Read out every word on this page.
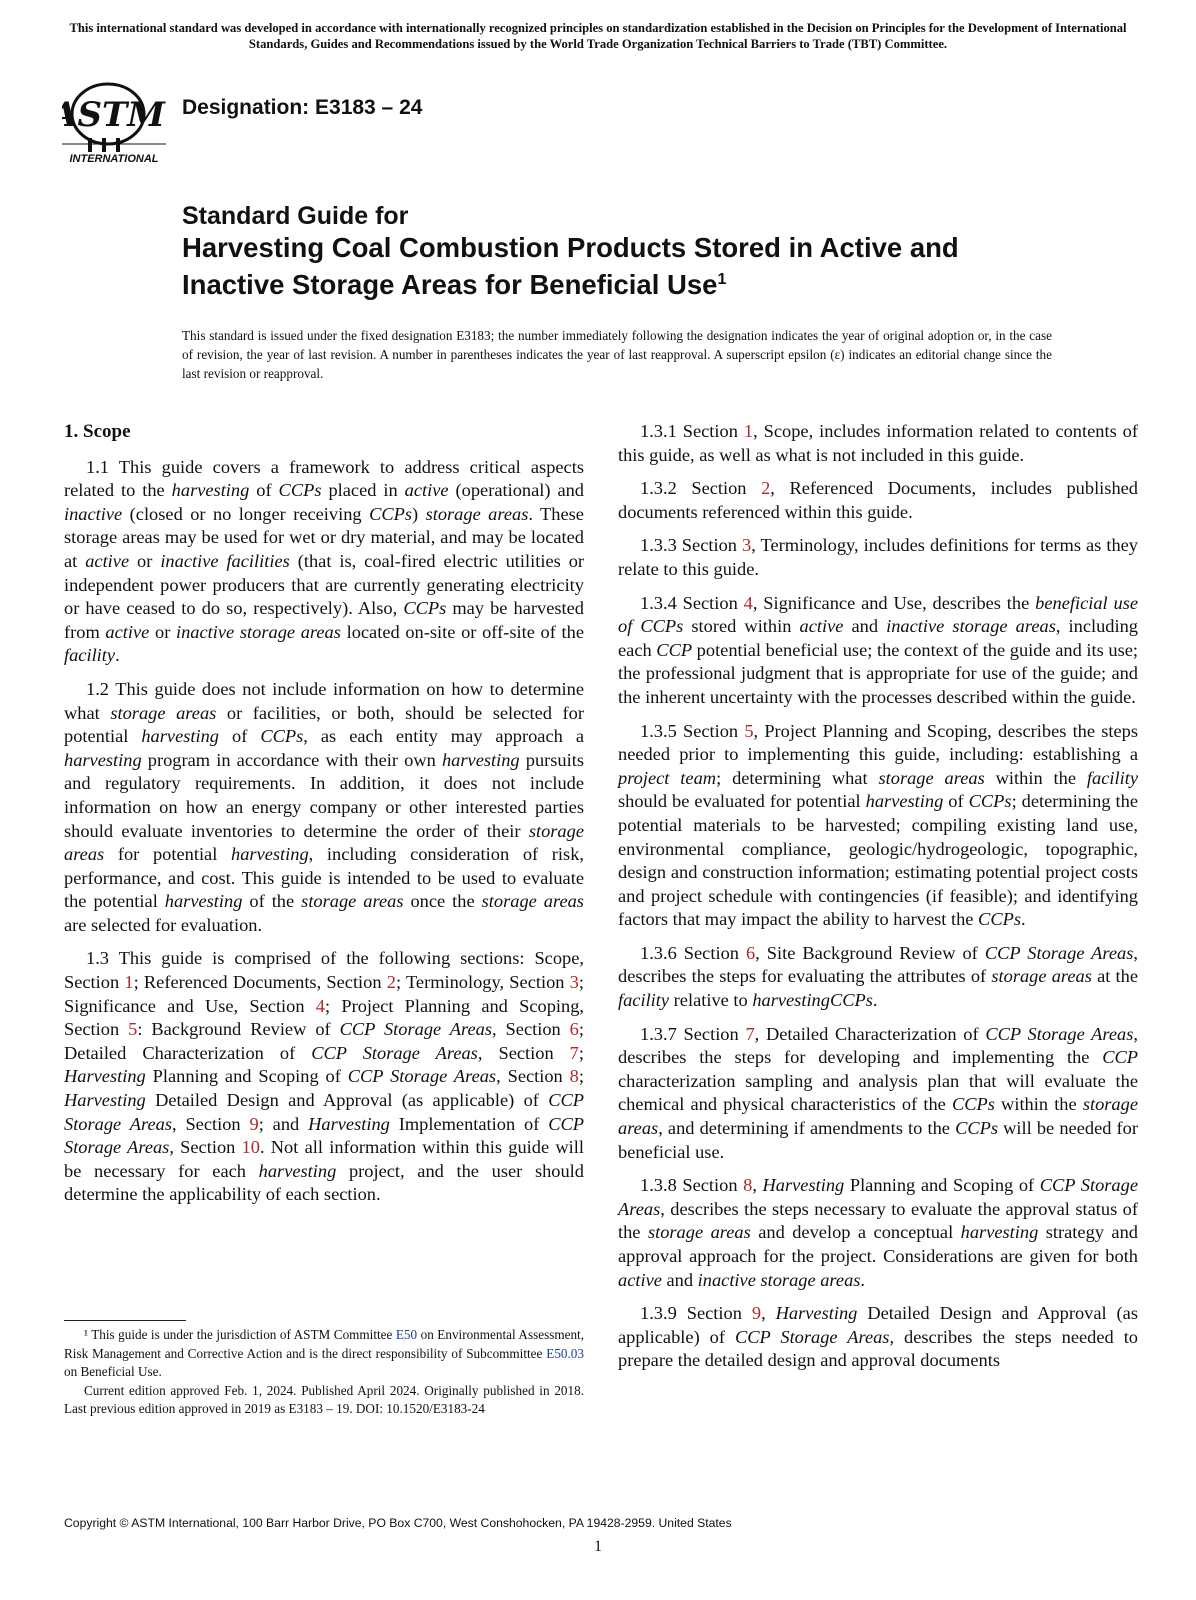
This international standard was developed in accordance with internationally recognized principles on standardization established in the Decision on Principles for the Development of International Standards, Guides and Recommendations issued by the World Trade Organization Technical Barriers to Trade (TBT) Committee.
ASTM
INTERNATIONAL
Designation: E3183 – 24
Standard Guide for
Harvesting Coal Combustion Products Stored in Active and
Inactive Storage Areas for Beneficial Use$^1$
This standard is issued under the fixed designation E3183; the number immediately following the designation indicates the year of original adoption or, in the case of revision, the year of last revision. A number in parentheses indicates the year of last reapproval. A superscript epsilon (ε) indicates an editorial change since the last revision or reapproval.
1. Scope

1.1 This guide covers a framework to address critical aspects related to the harvesting of CCPs placed in active (operational) and inactive (closed or no longer receiving CCPs) storage areas. These storage areas may be used for wet or dry material, and may be located at active or inactive facilities (that is, coal-fired electric utilities or independent power producers that are currently generating electricity or have ceased to do so, respectively). Also, CCPs may be harvested from active or inactive storage areas located on-site or off-site of the facility.

1.2 This guide does not include information on how to determine what storage areas or facilities, or both, should be selected for potential harvesting of CCPs, as each entity may approach a harvesting program in accordance with their own harvesting pursuits and regulatory requirements. In addition, it does not include information on how an energy company or other interested parties should evaluate inventories to determine the order of their storage areas for potential harvesting, including consideration of risk, performance, and cost. This guide is intended to be used to evaluate the potential harvesting of the storage areas once the storage areas are selected for evaluation.

1.3 This guide is comprised of the following sections: Scope, Section 1; Referenced Documents, Section 2; Terminology, Section 3; Significance and Use, Section 4; Project Planning and Scoping, Section 5: Background Review of CCP Storage Areas, Section 6; Detailed Characterization of CCP Storage Areas, Section 7; Harvesting Planning and Scoping of CCP Storage Areas, Section 8; Harvesting Detailed Design and Approval (as applicable) of CCP Storage Areas, Section 9; and Harvesting Implementation of CCP Storage Areas, Section 10. Not all information within this guide will be necessary for each harvesting project, and the user should determine the applicability of each section.

¹ This guide is under the jurisdiction of ASTM Committee E50 on Environmental Assessment, Risk Management and Corrective Action and is the direct responsibility of Subcommittee E50.03 on Beneficial Use.

Current edition approved Feb. 1, 2024. Published April 2024. Originally published in 2018. Last previous edition approved in 2019 as E3183 – 19. DOI: 10.1520/E3183-24

1.3.1 Section 1, Scope, includes information related to contents of this guide, as well as what is not included in this guide.

1.3.2 Section 2, Referenced Documents, includes published documents referenced within this guide.

1.3.3 Section 3, Terminology, includes definitions for terms as they relate to this guide.

1.3.4 Section 4, Significance and Use, describes the beneficial use of CCPs stored within active and inactive storage areas, including each CCP potential beneficial use; the context of the guide and its use; the professional judgment that is appropriate for use of the guide; and the inherent uncertainty with the processes described within the guide.

1.3.5 Section 5, Project Planning and Scoping, describes the steps needed prior to implementing this guide, including: establishing a project team; determining what storage areas within the facility should be evaluated for potential harvesting of CCPs; determining the potential materials to be harvested; compiling existing land use, environmental compliance, geologic/hydrogeologic, topographic, design and construction information; estimating potential project costs and project schedule with contingencies (if feasible); and identifying factors that may impact the ability to harvest the CCPs.

1.3.6 Section 6, Site Background Review of CCP Storage Areas, describes the steps for evaluating the attributes of storage areas at the facility relative to harvestingCCPs.

1.3.7 Section 7, Detailed Characterization of CCP Storage Areas, describes the steps for developing and implementing the CCP characterization sampling and analysis plan that will evaluate the chemical and physical characteristics of the CCPs within the storage areas, and determining if amendments to the CCPs will be needed for beneficial use.

1.3.8 Section 8, Harvesting Planning and Scoping of CCP Storage Areas, describes the steps necessary to evaluate the approval status of the storage areas and develop a conceptual harvesting strategy and approval approach for the project. Considerations are given for both active and inactive storage areas.

1.3.9 Section 9, Harvesting Detailed Design and Approval (as applicable) of CCP Storage Areas, describes the steps needed to prepare the detailed design and approval documents

Copyright © ASTM International, 100 Barr Harbor Drive, PO Box C700, West Conshohocken, PA 19428-2959. United States
1
